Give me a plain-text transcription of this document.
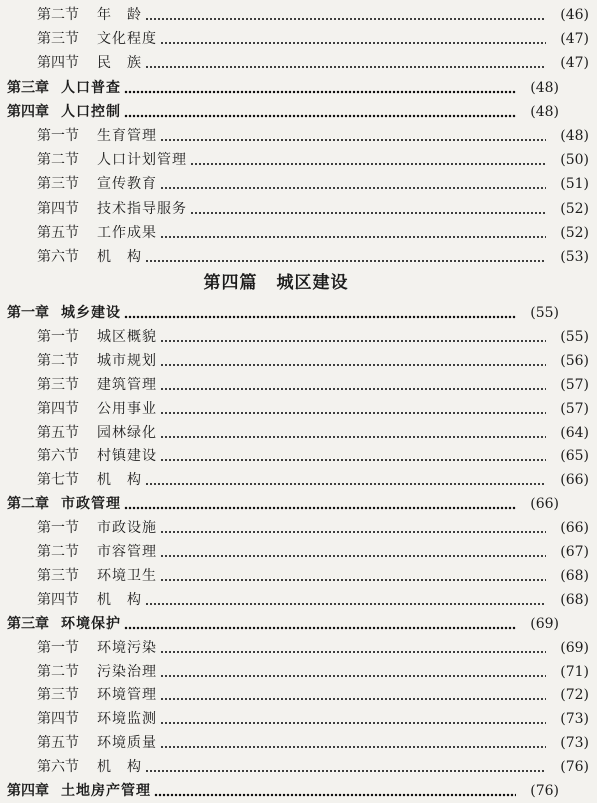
第二节	年　龄	(46)
第三节	文化程度	(47)
第四节	民　族	(47)
第三章 人口普查	(48)
第四章 人口控制	(48)
第一节	生育管理	(48)
第二节	人口计划管理	(50)
第三节	宣传教育	(51)
第四节	技术指导服务	(52)
第五节	工作成果	(52)
第六节	机　构	(53)
第四篇 城区建设
第一章 城乡建设	(55)
第一节	城区概貌	(55)
第二节	城市规划	(56)
第三节	建筑管理	(57)
第四节	公用事业	(57)
第五节	园林绿化	(64)
第六节	村镇建设	(65)
第七节	机　构	(66)
第二章 市政管理	(66)
第一节	市政设施	(66)
第二节	市容管理	(67)
第三节	环境卫生	(68)
第四节	机　构	(68)
第三章 环境保护	(69)
第一节	环境污染	(69)
第二节	污染治理	(71)
第三节	环境管理	(72)
第四节	环境监测	(73)
第五节	环境质量	(73)
第六节	机　构	(76)
第四章 土地房产管理	(76)
